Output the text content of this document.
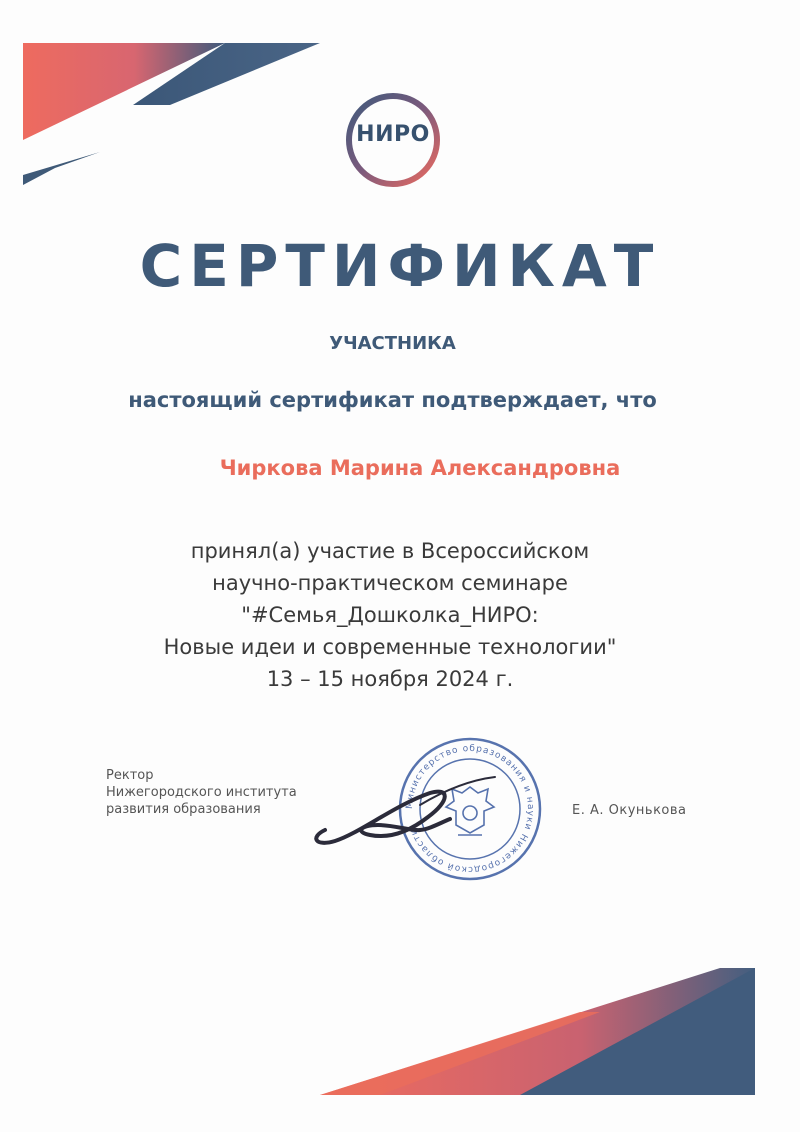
НИРО
СЕРТИФИКАТ
УЧАСТНИКА
настоящий сертификат подтверждает, что
Чиркова Марина Александровна
принял(а) участие в Всероссийском
научно-практическом семинаре
"#Семья_Дошколка_НИРО:
Новые идеи и современные технологии"
13 – 15 ноября 2024 г.
Ректор
Нижегородского института
развития образования	Министерство образования и науки Нижегородской области
Е. А. Окунькова
